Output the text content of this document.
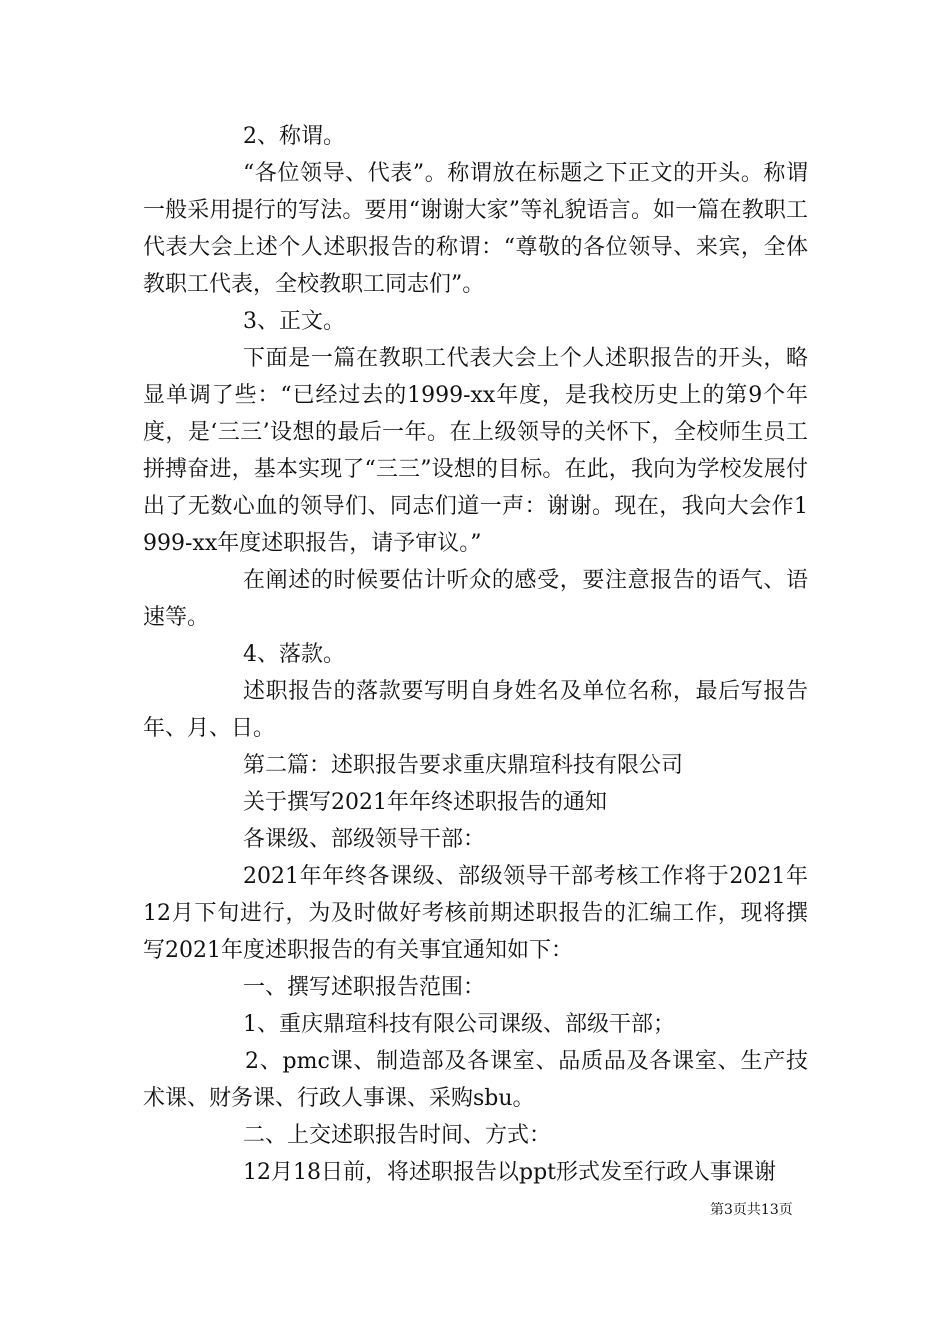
2、称谓。

“各位领导、代表”。称谓放在标题之下正文的开头。称谓一般采用提行的写法。要用“谢谢大家”等礼貌语言。如一篇在教职工代表大会上述个人述职报告的称谓：“尊敬的各位领导、来宾，全体教职工代表，全校教职工同志们”。

3、正文。

下面是一篇在教职工代表大会上个人述职报告的开头，略显单调了些：“已经过去的1999-xx年度，是我校历史上的第9个年度，是‘三三’设想的最后一年。在上级领导的关怀下，全校师生员工拼搏奋进，基本实现了“三三”设想的目标。在此，我向为学校发展付出了无数心血的领导们、同志们道一声：谢谢。现在，我向大会作1999-xx年度述职报告，请予审议。”

在阐述的时候要估计听众的感受，要注意报告的语气、语速等。

4、落款。

述职报告的落款要写明自身姓名及单位名称，最后写报告年、月、日。

第二篇：述职报告要求重庆鼎瑄科技有限公司

关于撰写2021年年终述职报告的通知

各课级、部级领导干部：

2021年年终各课级、部级领导干部考核工作将于2021年12月下旬进行，为及时做好考核前期述职报告的汇编工作，现将撰写2021年度述职报告的有关事宜通知如下：

一、撰写述职报告范围：

1、重庆鼎瑄科技有限公司课级、部级干部；

2、pmc课、制造部及各课室、品质品及各课室、生产技术课、财务课、行政人事课、采购sbu。

二、上交述职报告时间、方式：

12月18日前，将述职报告以ppt形式发至行政人事课谢

第3页共13页
